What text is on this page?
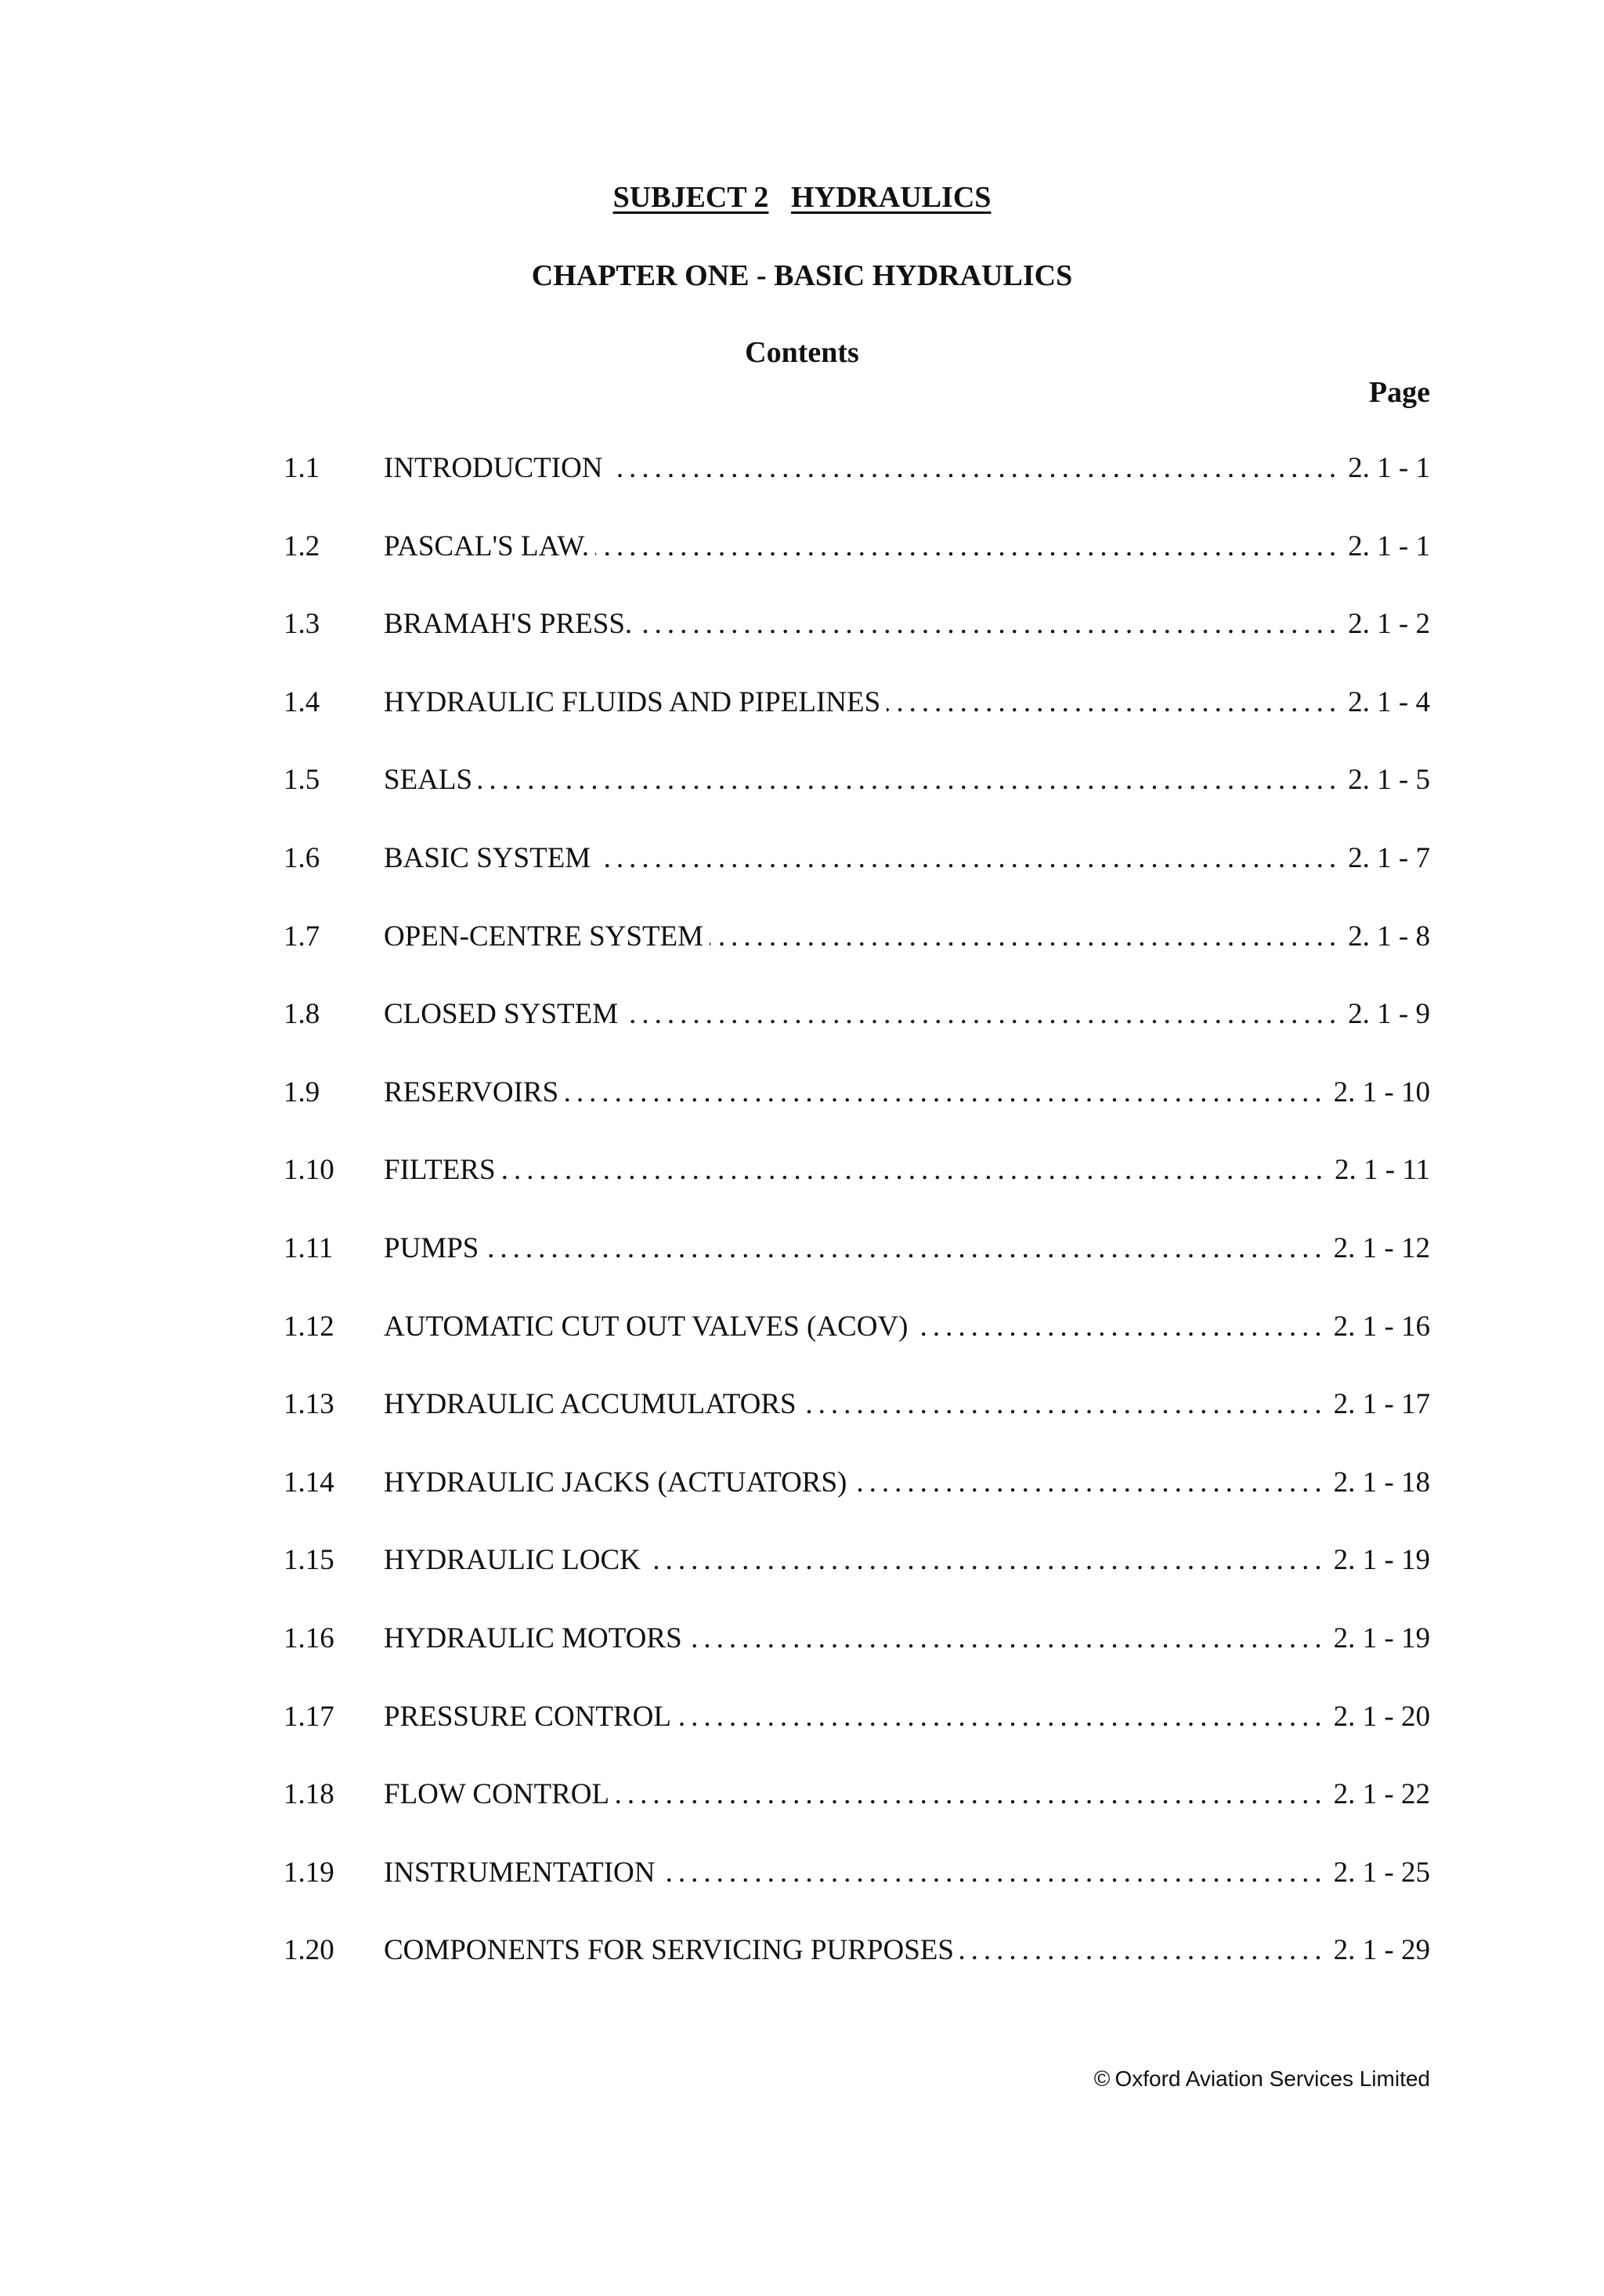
SUBJECT 2 HYDRAULICS
CHAPTER ONE - BASIC HYDRAULICS
Contents
Page
1.1	INTRODUCTION .....	2. 1 - 1
1.2	PASCAL'S LAW. .....	2. 1 - 1
1.3	BRAMAH'S PRESS. .....	2. 1 - 2
1.4	HYDRAULIC FLUIDS AND PIPELINES .....	2. 1 - 4
1.5	SEALS .....	2. 1 - 5
1.6	BASIC SYSTEM .....	2. 1 - 7
1.7	OPEN-CENTRE SYSTEM .....	2. 1 - 8
1.8	CLOSED SYSTEM .....	2. 1 - 9
1.9	RESERVOIRS .....	2. 1 - 10
1.10	FILTERS .....	2. 1 - 11
1.11	PUMPS .....	2. 1 - 12
1.12	AUTOMATIC CUT OUT VALVES (ACOV) .....	2. 1 - 16
1.13	HYDRAULIC ACCUMULATORS .....	2. 1 - 17
1.14	HYDRAULIC JACKS (ACTUATORS) .....	2. 1 - 18
1.15	HYDRAULIC LOCK .....	2. 1 - 19
1.16	HYDRAULIC MOTORS .....	2. 1 - 19
1.17	PRESSURE CONTROL .....	2. 1 - 20
1.18	FLOW CONTROL .....	2. 1 - 22
1.19	INSTRUMENTATION .....	2. 1 - 25
1.20	COMPONENTS FOR SERVICING PURPOSES .....	2. 1 - 29
© Oxford Aviation Services Limited
